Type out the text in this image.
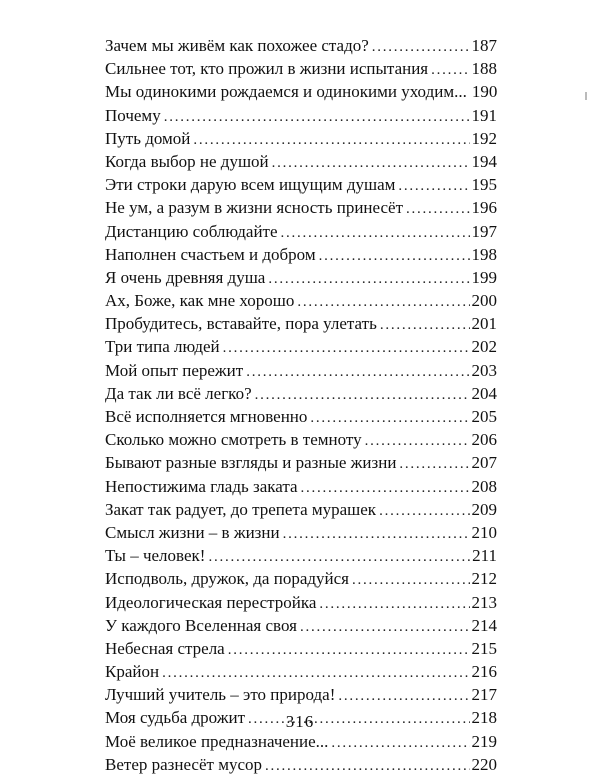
Зачем мы живём как похожее стадо? . . .	187
Сильнее тот, кто прожил в жизни испытания . . .	188
Мы одинокими рождаемся и одинокими уходим... 190
Почему . . .	191
Путь домой . . .	192
Когда выбор не душой . . .	194
Эти строки дарую всем ищущим душам . . .	195
Не ум, а разум в жизни ясность принесёт . . .	196
Дистанцию соблюдайте . . .	197
Наполнен счастьем и добром . . .	198
Я очень древняя душа . . .	199
Ах, Боже, как мне хорошо . . .	200
Пробудитесь, вставайте, пора улетать . . .	201
Три типа людей . . .	202
Мой опыт пережит . . .	203
Да так ли всё легко? . . .	204
Всё исполняется мгновенно . . .	205
Сколько можно смотреть в темноту . . .	206
Бывают разные взгляды и разные жизни . . .	207
Непостижима гладь заката . . .	208
Закат так радует, до трепета мурашек . . .	209
Смысл жизни – в жизни . . .	210
Ты – человек! . . .	211
Исподволь, дружок, да порадуйся . . .	212
Идеологическая перестройка . . .	213
У каждого Вселенная своя . . .	214
Небесная стрела . . .	215
Крайон . . .	216
Лучший учитель – это природа! . . .	217
Моя судьба дрожит . . .	218
Моё великое предназначение... . . .	219
Ветер разнесёт мусор . . .	220
316
